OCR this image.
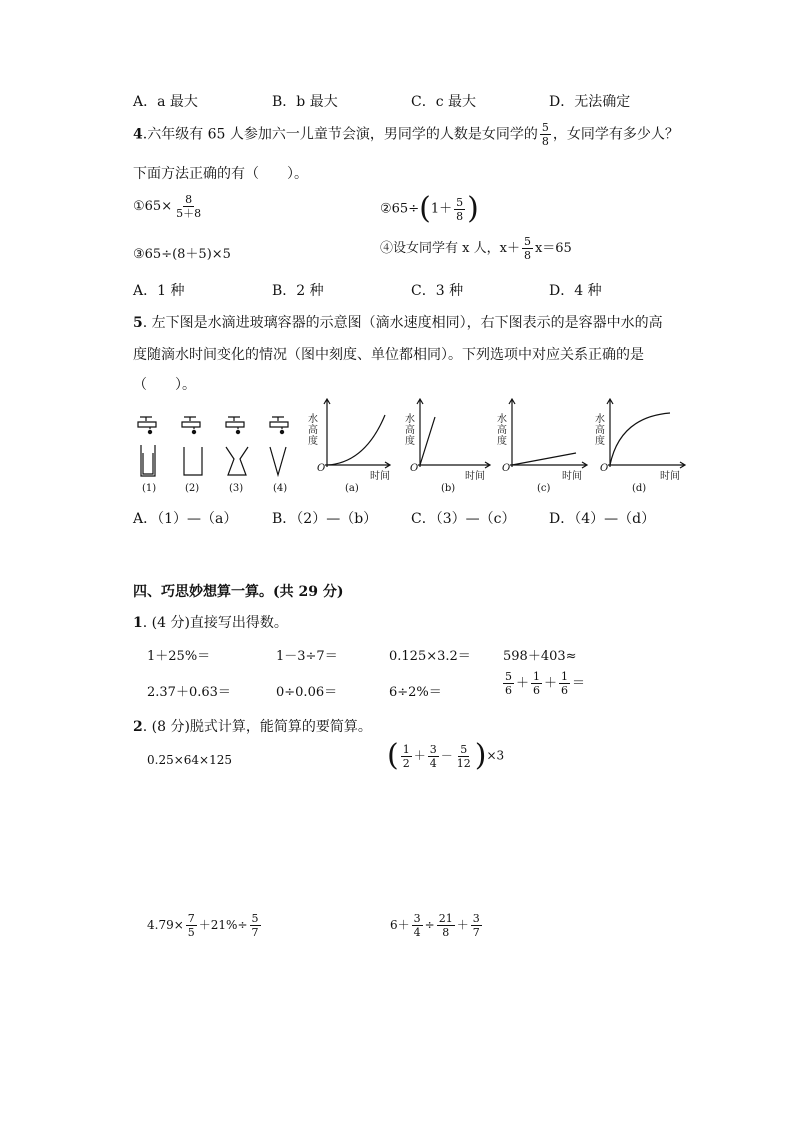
A．a 最大	B．b 最大	C．c 最大	D．无法确定
4.六年级有 65 人参加六一儿童节会演，男同学的人数是女同学的 $\frac{5}{8}$ ，女同学有多少人？
下面方法正确的有（　　）。
①65× $\frac{8}{5+8}$	②65÷(1＋ $\frac{5}{8}$ )
③65÷(8＋5)×5	④设女同学有 x 人，$x+ \frac{5}{8} x=65$
A．1 种	B．2 种	C．3 种	D．4 种
5. 左下图是水滴进玻璃容器的示意图（滴水速度相同），右下图表示的是容器中水的高
度随滴水时间变化的情况（图中刻度、单位都相同）。下列选项中对应关系正确的是
（　　）。
(1)	(2)	(3)	(4)	(a)	(b)	(c)	(d)
O	O	O	O
时间	时间	时间	时间
水高度	水高度	水高度	水高度
A．（1）—（a） B．（2）—（b） C．（3）—（c） D．（4）—（d）
四、巧思妙想算一算。(共 29 分)
1. (4 分)直接写出得数。
1＋25%＝	1－3÷7＝	0.125×3.2＝ 598＋403≈
2.37＋0.63＝	0÷0.06＝	6÷2%＝	$\frac{5}{6} + \frac{1}{6} + \frac{1}{6}$ ＝
2. (8 分)脱式计算，能简算的要简算。
0.25×64×125	( $\frac{1}{2} + \frac{3}{4} - \frac{5}{12} )\times 3$
$4.79\times \frac{7}{5} +21\%\div \frac{5}{7}$	$6+ \frac{3}{4} \div \frac{21}{8} + \frac{3}{7}$
